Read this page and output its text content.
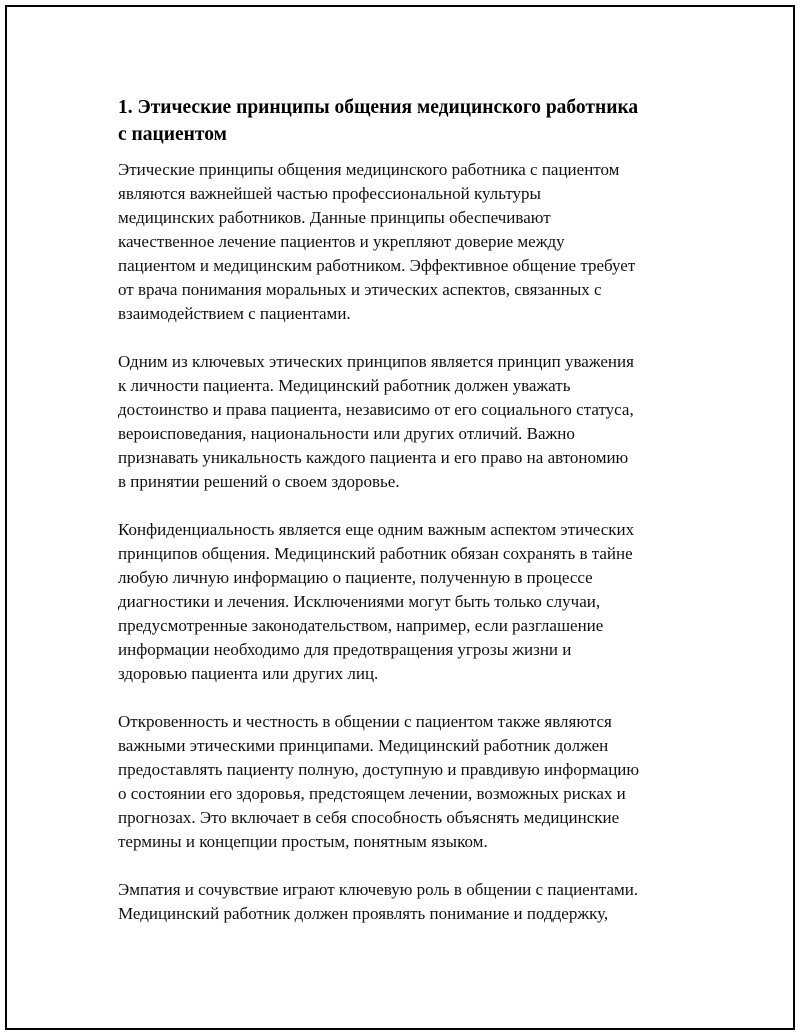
1. Этические принципы общения медицинского работника
с пациентом

Этические принципы общения медицинского работника с пациентом
являются важнейшей частью профессиональной культуры
медицинских работников. Данные принципы обеспечивают
качественное лечение пациентов и укрепляют доверие между
пациентом и медицинским работником. Эффективное общение требует
от врача понимания моральных и этических аспектов, связанных с
взаимодействием с пациентами.

Одним из ключевых этических принципов является принцип уважения
к личности пациента. Медицинский работник должен уважать
достоинство и права пациента, независимо от его социального статуса,
вероисповедания, национальности или других отличий. Важно
признавать уникальность каждого пациента и его право на автономию
в принятии решений о своем здоровье.

Конфиденциальность является еще одним важным аспектом этических
принципов общения. Медицинский работник обязан сохранять в тайне
любую личную информацию о пациенте, полученную в процессе
диагностики и лечения. Исключениями могут быть только случаи,
предусмотренные законодательством, например, если разглашение
информации необходимо для предотвращения угрозы жизни и
здоровью пациента или других лиц.

Откровенность и честность в общении с пациентом также являются
важными этическими принципами. Медицинский работник должен
предоставлять пациенту полную, доступную и правдивую информацию
о состоянии его здоровья, предстоящем лечении, возможных рисках и
прогнозах. Это включает в себя способность объяснять медицинские
термины и концепции простым, понятным языком.

Эмпатия и сочувствие играют ключевую роль в общении с пациентами.
Медицинский работник должен проявлять понимание и поддержку,
